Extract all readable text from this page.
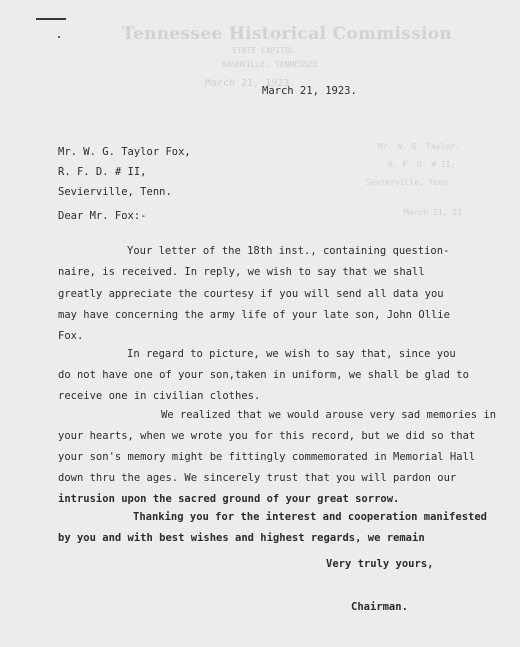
Tennessee Historical Commission
STATE CAPITOL
NASHVILLE, TENNESSEE
March 21, 1923.
Mr. W. G. Taylor,
R. F. D. # II,
Sevierville, Tenn.
March 21, 23
March 21, 1923.
Mr. W. G. Taylor Fox,
R. F. D. # II,
Sevierville, Tenn.
Dear Mr. Fox:-
Your letter of the 18th inst., containing question-
naire, is received. In reply, we wish to say that we shall
greatly appreciate the courtesy if you will send all data you
may have concerning the army life of your late son, John Ollie
Fox.
In regard to picture, we wish to say that, since you
do not have one of your son,taken in uniform, we shall be glad to
receive one in civilian clothes.
We realized that we would arouse very sad memories in
your hearts, when we wrote you for this record, but we did so that
your son's memory might be fittingly commemorated in Memorial Hall
down thru the ages. We sincerely trust that you will pardon our
intrusion upon the sacred ground of your great sorrow.
Thanking you for the interest and cooperation manifested
by you and with best wishes and highest regards, we remain
Very truly yours,
Chairman.
